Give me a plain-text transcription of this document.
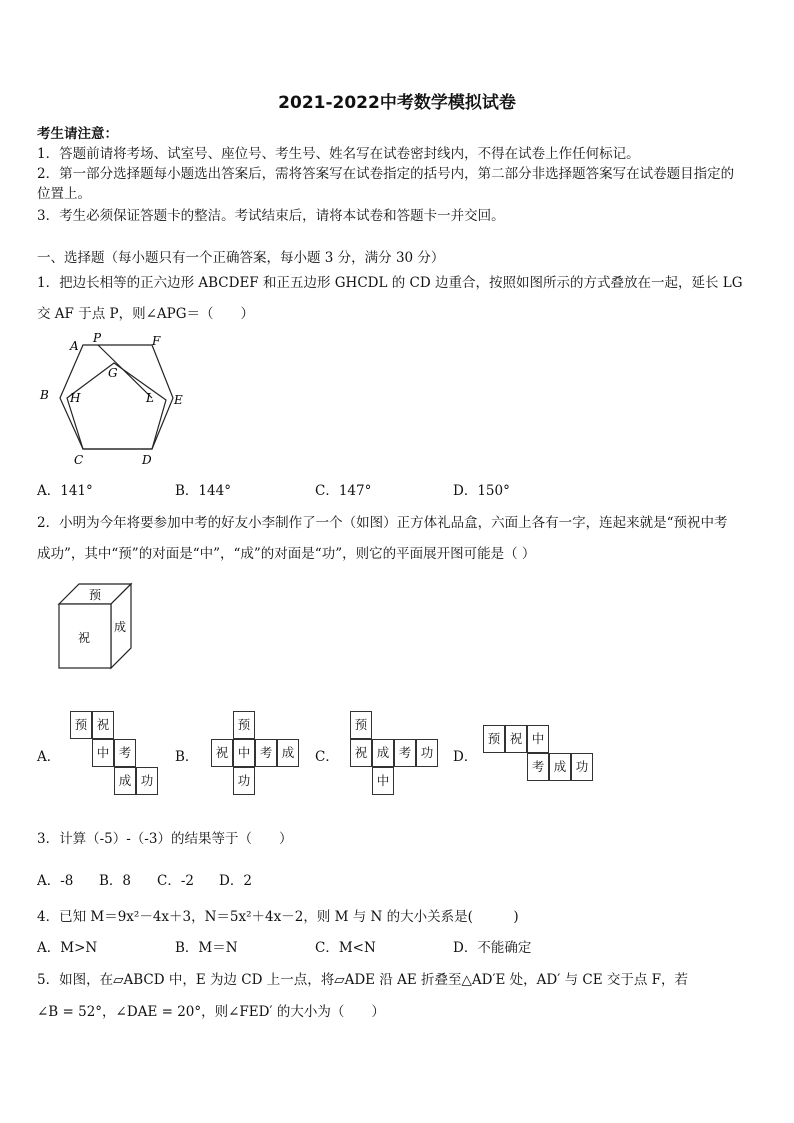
2021-2022中考数学模拟试卷
考生请注意：
1．答题前请将考场、试室号、座位号、考生号、姓名写在试卷密封线内，不得在试卷上作任何标记。
2．第一部分选择题每小题选出答案后，需将答案写在试卷指定的括号内，第二部分非选择题答案写在试卷题目指定的
位置上。
3．考生必须保证答题卡的整洁。考试结束后，请将本试卷和答题卡一并交回。
一、选择题（每小题只有一个正确答案，每小题 3 分，满分 30 分）
1．把边长相等的正六边形 ABCDEF 和正五边形 GHCDL 的 CD 边重合，按照如图所示的方式叠放在一起，延长 LG
交 AF 于点 P，则∠APG＝（　　）
A
P	F
G
B H	L E
C	D
A．141°	B．144°	C．147°	D．150°
2．小明为今年将要参加中考的好友小李制作了一个（如图）正方体礼品盒，六面上各有一字，连起来就是“预祝中考
成功”，其中“预”的对面是“中”，“成”的对面是“功”，则它的平面展开图可能是（ ）
预
祝
成
A．
预 祝
中 考
成 功
B．
预
祝 中 考 成
功
C．
预
祝 成 考 功
中
D．
预 祝 中
考 成 功
3．计算（-5）-（-3）的结果等于（　　）
A．-8 B．8 C．-2 D．2
4．已知 M＝9x²－4x＋3，N＝5x²＋4x－2，则 M 与 N 的大小关系是(　　　)
A．M>N	B．M＝N	C．M<N	D．不能确定
5．如图，在▱ABCD 中，E 为边 CD 上一点，将▱ADE 沿 AE 折叠至△AD′E 处，AD′ 与 CE 交于点 F，若
∠B = 52°，∠DAE = 20°，则∠FED′ 的大小为（　　）
